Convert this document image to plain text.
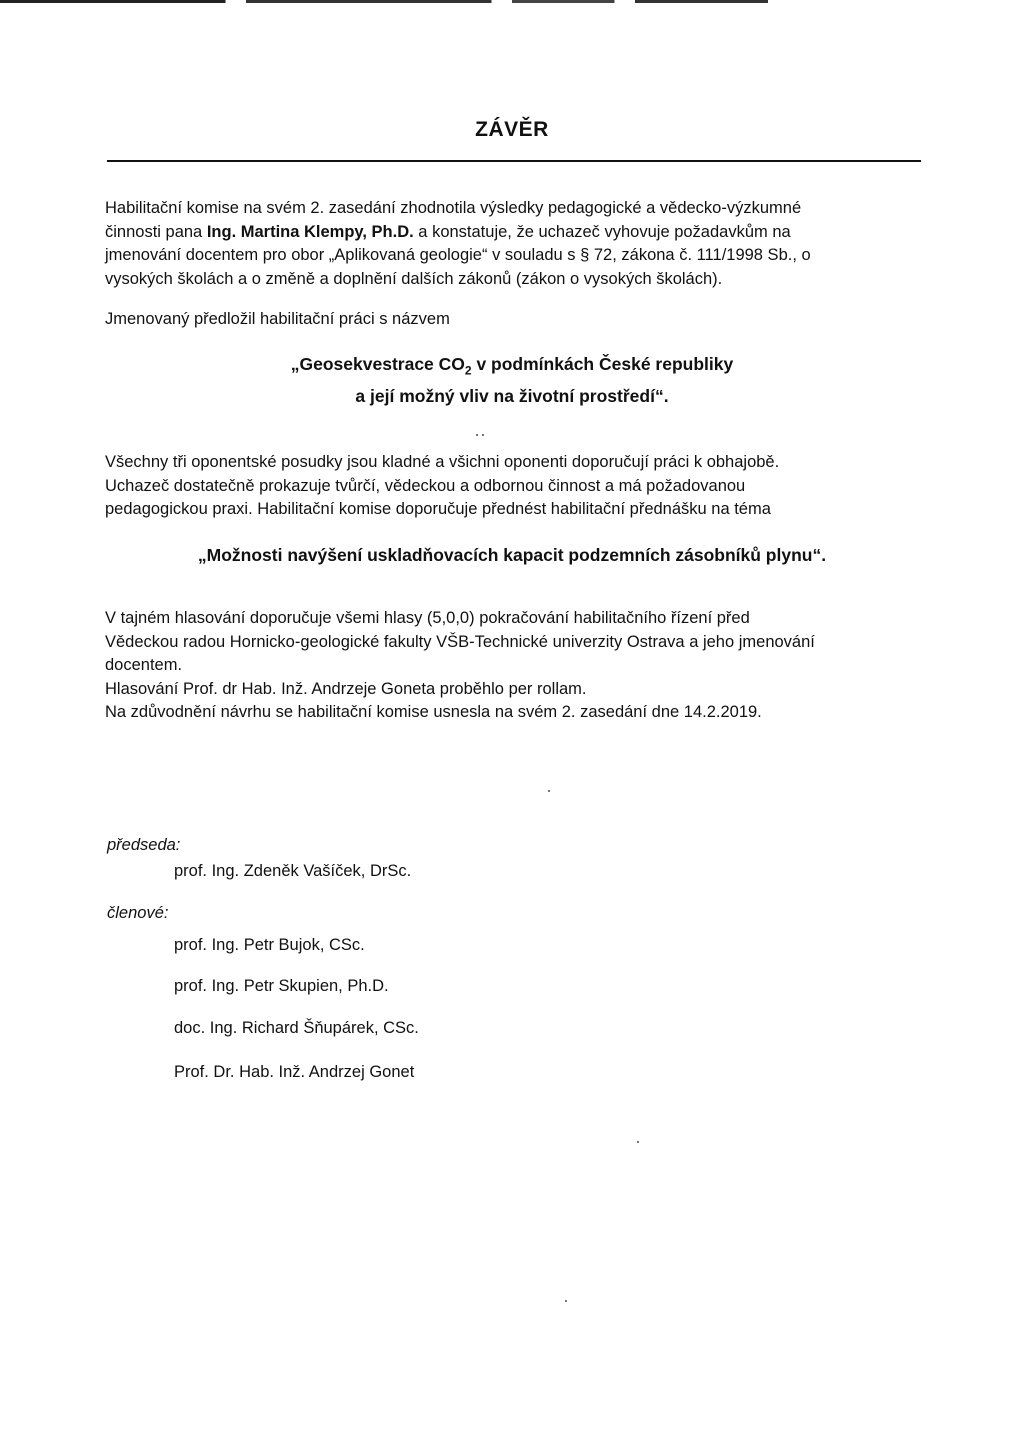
ZÁVĚR
Habilitační komise na svém 2. zasedání zhodnotila výsledky pedagogické a vědecko-výzkumné
činnosti pana Ing. Martina Klempy, Ph.D. a konstatuje, že uchazeč vyhovuje požadavkům na
jmenování docentem pro obor „Aplikovaná geologie“ v souladu s § 72, zákona č. 111/1998 Sb., o
vysokých školách a o změně a doplnění dalších zákonů (zákon o vysokých školách).
Jmenovaný předložil habilitační práci s názvem
„Geosekvestrace $CO_2$ v podmínkách České republiky
a její možný vliv na životní prostředí“.
Všechny tři oponentské posudky jsou kladné a všichni oponenti doporučují práci k obhajobě.
Uchazeč dostatečně prokazuje tvůrčí, vědeckou a odbornou činnost a má požadovanou
pedagogickou praxi. Habilitační komise doporučuje přednést habilitační přednášku na téma
„Možnosti navýšení uskladňovacích kapacit podzemních zásobníků plynu“.
V tajném hlasování doporučuje všemi hlasy (5,0,0) pokračování habilitačního řízení před
Vědeckou radou Hornicko-geologické fakulty VŠB-Technické univerzity Ostrava a jeho jmenování
docentem.
Hlasování Prof. dr Hab. Inž. Andrzeje Goneta proběhlo per rollam.
Na zdůvodnění návrhu se habilitační komise usnesla na svém 2. zasedání dne 14.2.2019.
předseda:
prof. Ing. Zdeněk Vašíček, DrSc.
členové:
prof. Ing. Petr Bujok, CSc.
prof. Ing. Petr Skupien, Ph.D.
doc. Ing. Richard Šňupárek, CSc.
Prof. Dr. Hab. Inž. Andrzej Gonet
